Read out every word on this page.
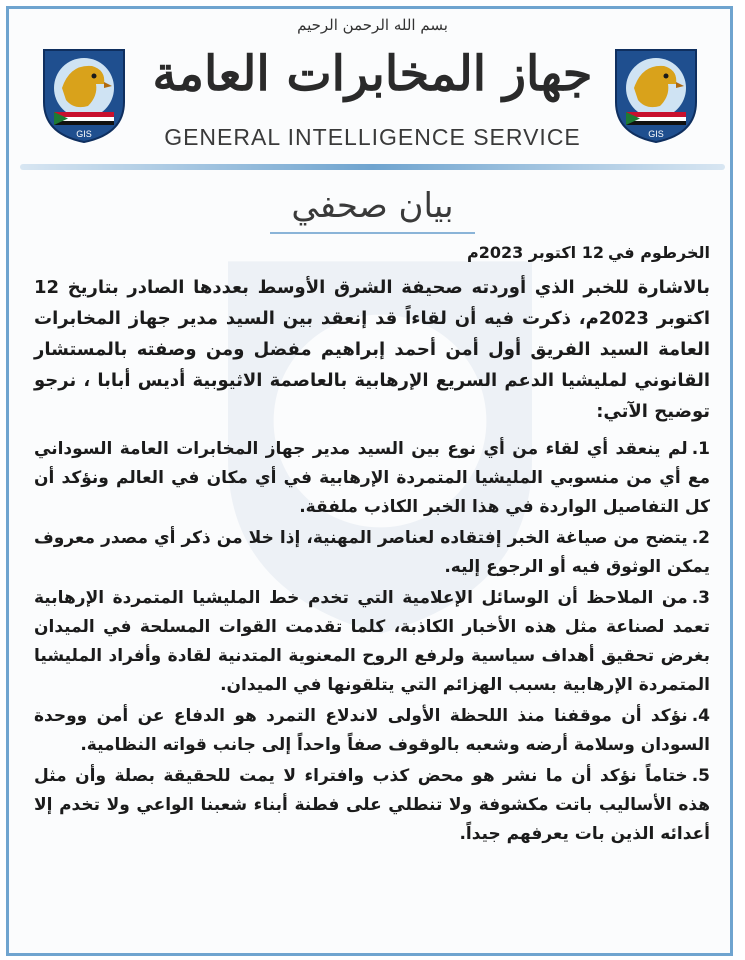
بسم الله الرحمن الرحيم
GIS	GIS
جهاز المخابرات العامة
GENERAL INTELLIGENCE SERVICE
بيان صحفي

الخرطوم في12 اكتوبر 2023م

بالاشارة للخبر الذي أوردته صحيفة الشرق الأوسط بعددها الصادر بتاريخ 12 اكتوبر 2023م، ذكرت فيه أن لقاءاً قد إنعقد بين السيد مدير جهاز المخابرات العامة السيد الفريق أول أمن أحمد إبراهيم مفضل ومن وصفته بالمستشار القانوني لمليشيا الدعم السريع الإرهابية بالعاصمة الاثيوبية أديس أبابا ، نرجو توضيح الآتي:

1.لم ينعقد أي لقاء من أي نوع بين السيد مدير جهاز المخابرات العامة السوداني مع أي من منسوبي المليشيا المتمردة الإرهابية في أي مكان في العالم ونؤكد أن كل التفاصيل الواردة في هذا الخبر الكاذب ملفقة.

2.يتضح من صياغة الخبر إفتقاده لعناصر المهنية، إذا خلا من ذكر أي مصدر معروف يمكن الوثوق فيه أو الرجوع إليه.

3.من الملاحظ أن الوسائل الإعلامية التي تخدم خط المليشيا المتمردة الإرهابية تعمد لصناعة مثل هذه الأخبار الكاذبة، كلما تقدمت القوات المسلحة في الميدان بغرض تحقيق أهداف سياسية ولرفع الروح المعنوية المتدنية لقادة وأفراد المليشيا المتمردة الإرهابية بسبب الهزائم التي يتلقونها في الميدان.

4.نؤكد أن موقفنا منذ اللحظة الأولى لاندلاع التمرد هو الدفاع عن أمن ووحدة السودان وسلامة أرضه وشعبه بالوقوف صفاً واحداً إلى جانب قواته النظامية.

5.ختاماً نؤكد أن ما نشر هو محض كذب وافتراء لا يمت للحقيقة بصلة وأن مثل هذه الأساليب باتت مكشوفة ولا تنطلي على فطنة أبناء شعبنا الواعي ولا تخدم إلا أعدائه الذين بات يعرفهم جيداً.
